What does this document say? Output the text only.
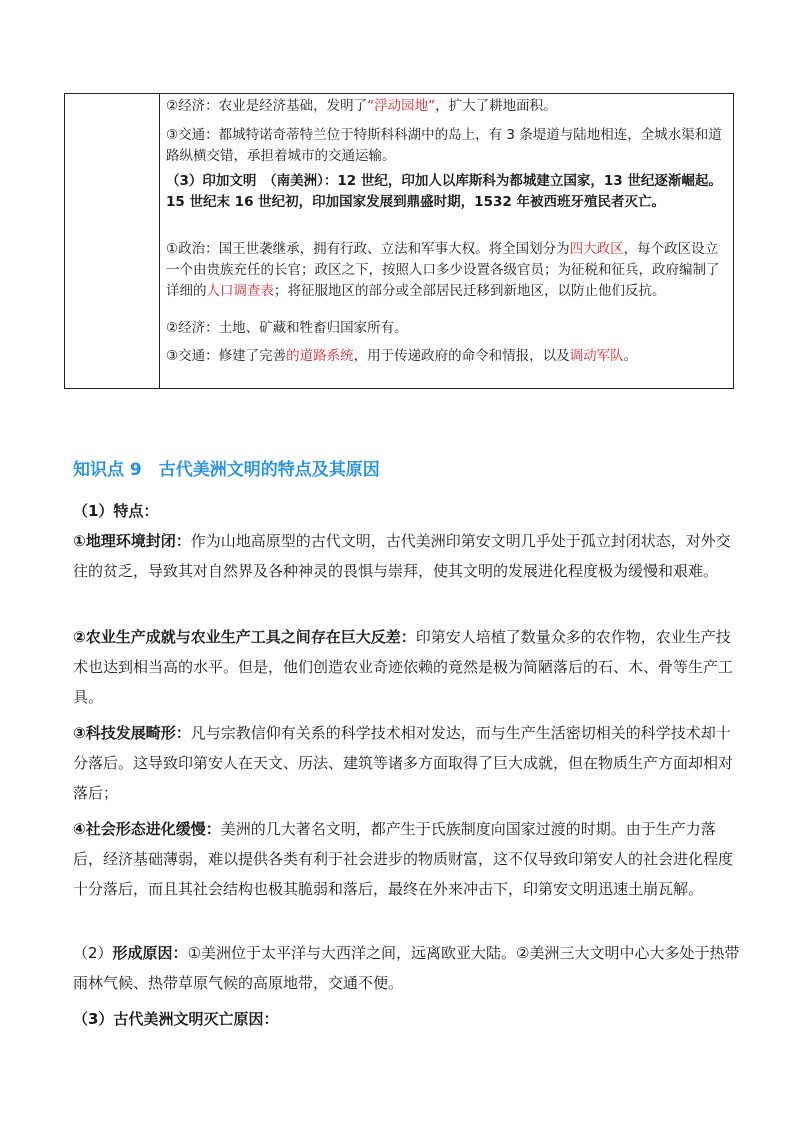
②经济：农业是经济基础，发明了“浮动园地”，扩大了耕地面积。
③交通：都城特诺奇蒂特兰位于特斯科科湖中的岛上，有 3 条堤道与陆地相连，全城水渠和道路纵横交错，承担着城市的交通运输。
（3）印加文明　（南美洲）：12 世纪，印加人以库斯科为都城建立国家，13 世纪逐渐崛起。15 世纪末 16 世纪初，印加国家发展到鼎盛时期，1532 年被西班牙殖民者灭亡。
①政治：国王世袭继承，拥有行政、立法和军事大权。将全国划分为四大政区，每个政区设立一个由贵族充任的长官；政区之下，按照人口多少设置各级官员；为征税和征兵，政府编制了详细的人口调查表；将征服地区的部分或全部居民迁移到新地区，以防止他们反抗。
②经济：土地、矿藏和牲畜归国家所有。
③交通：修建了完善的道路系统，用于传递政府的命令和情报，以及调动军队。
知识点 9　古代美洲文明的特点及其原因
（1）特点：
①地理环境封闭：作为山地高原型的古代文明，古代美洲印第安文明几乎处于孤立封闭状态，对外交往的贫乏，导致其对自然界及各种神灵的畏惧与崇拜，使其文明的发展进化程度极为缓慢和艰难。
②农业生产成就与农业生产工具之间存在巨大反差：印第安人培植了数量众多的农作物，农业生产技术也达到相当高的水平。但是，他们创造农业奇迹依赖的竟然是极为简陋落后的石、木、骨等生产工具。
③科技发展畸形：凡与宗教信仰有关系的科学技术相对发达，而与生产生活密切相关的科学技术却十分落后。这导致印第安人在天文、历法、建筑等诸多方面取得了巨大成就，但在物质生产方面却相对落后；
④社会形态进化缓慢：美洲的几大著名文明，都产生于氏族制度向国家过渡的时期。由于生产力落后，经济基础薄弱，难以提供各类有利于社会进步的物质财富，这不仅导致印第安人的社会进化程度十分落后，而且其社会结构也极其脆弱和落后，最终在外来冲击下，印第安文明迅速土崩瓦解。
（2）形成原因：①美洲位于太平洋与大西洋之间，远离欧亚大陆。②美洲三大文明中心大多处于热带雨林气候、热带草原气候的高原地带，交通不便。
（3）古代美洲文明灭亡原因：
